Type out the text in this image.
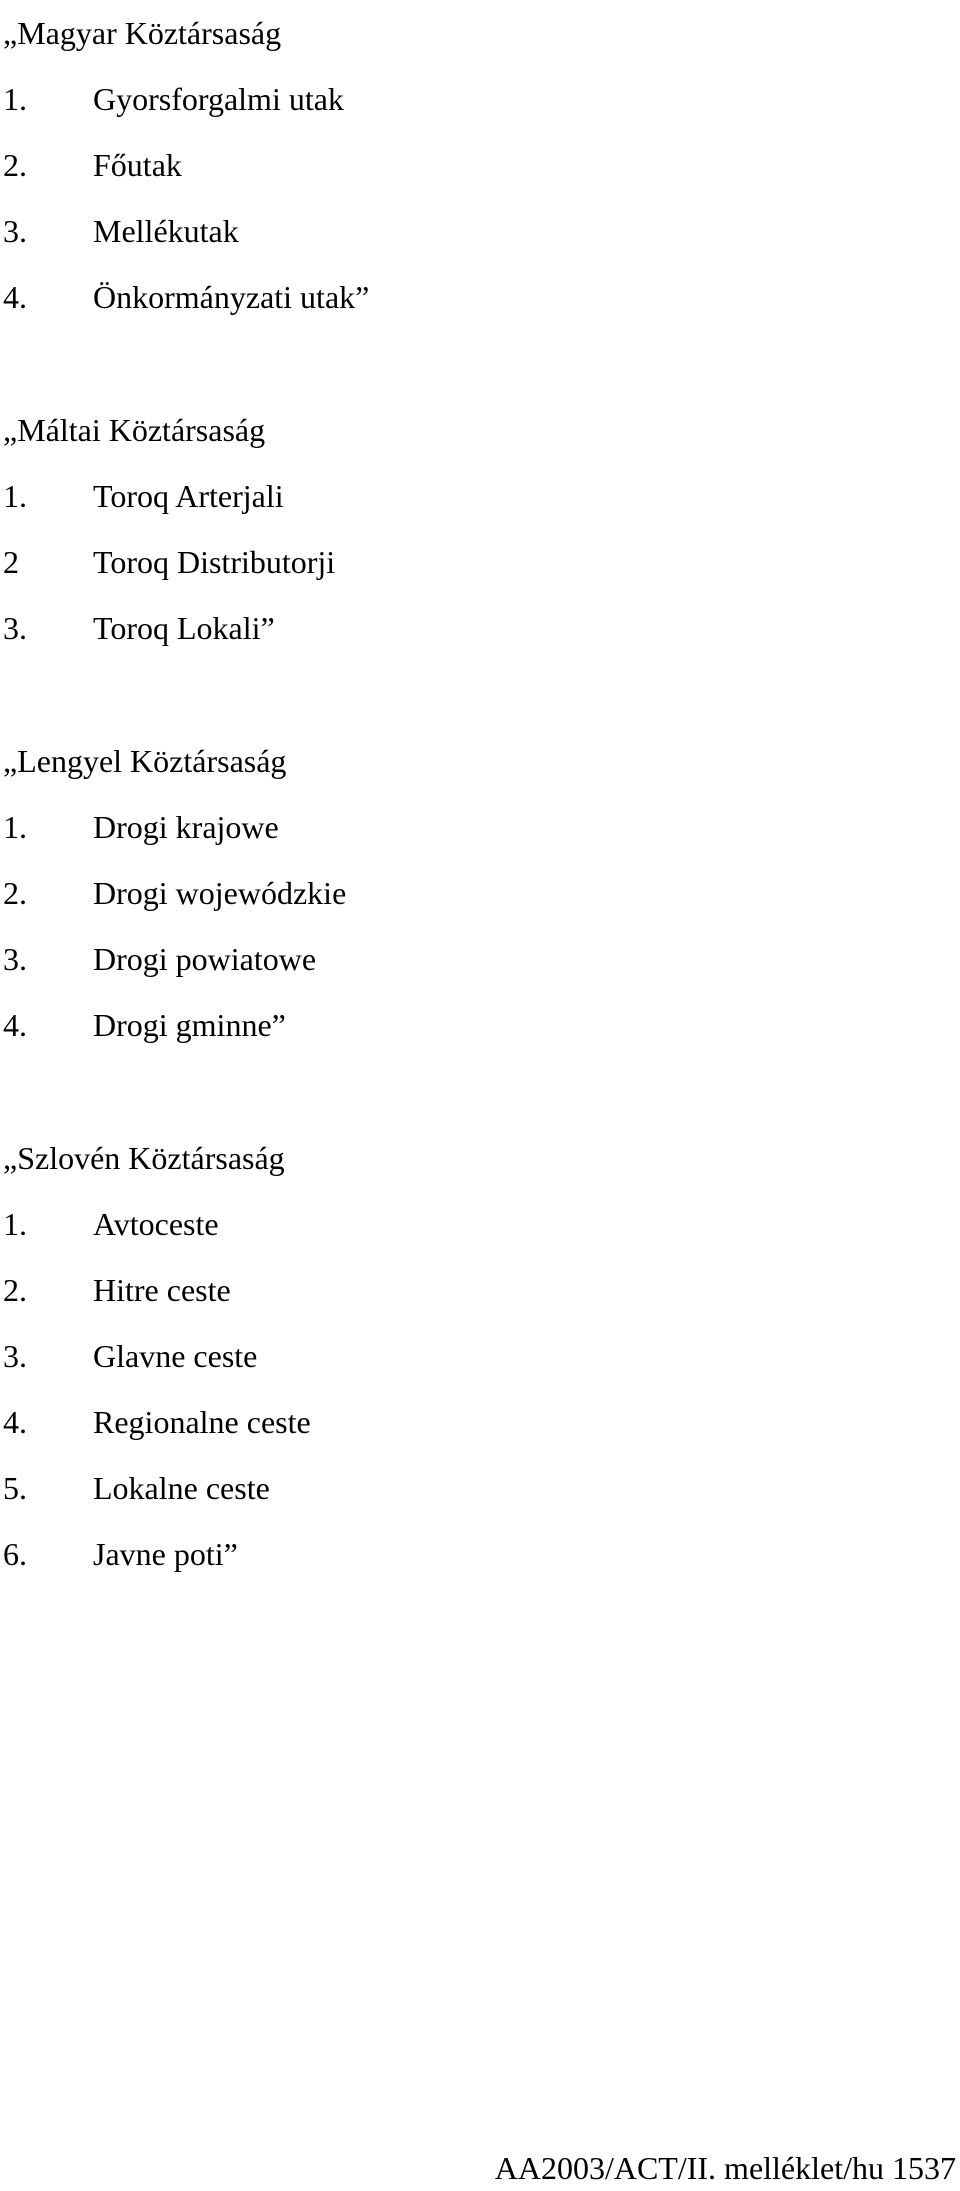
„Magyar Köztársaság
1. Gyorsforgalmi utak
2. Főutak
3. Mellékutak
4. Önkormányzati utak”
„Máltai Köztársaság
1. Toroq Arterjali
2 Toroq Distributorji
3. Toroq Lokali”
„Lengyel Köztársaság
1. Drogi krajowe
2. Drogi wojewódzkie
3. Drogi powiatowe
4. Drogi gminne”
„Szlovén Köztársaság
1. Avtoceste
2. Hitre ceste
3. Glavne ceste
4. Regionalne ceste
5. Lokalne ceste
6. Javne poti”
AA2003/ACT/II. melléklet/hu 1537
